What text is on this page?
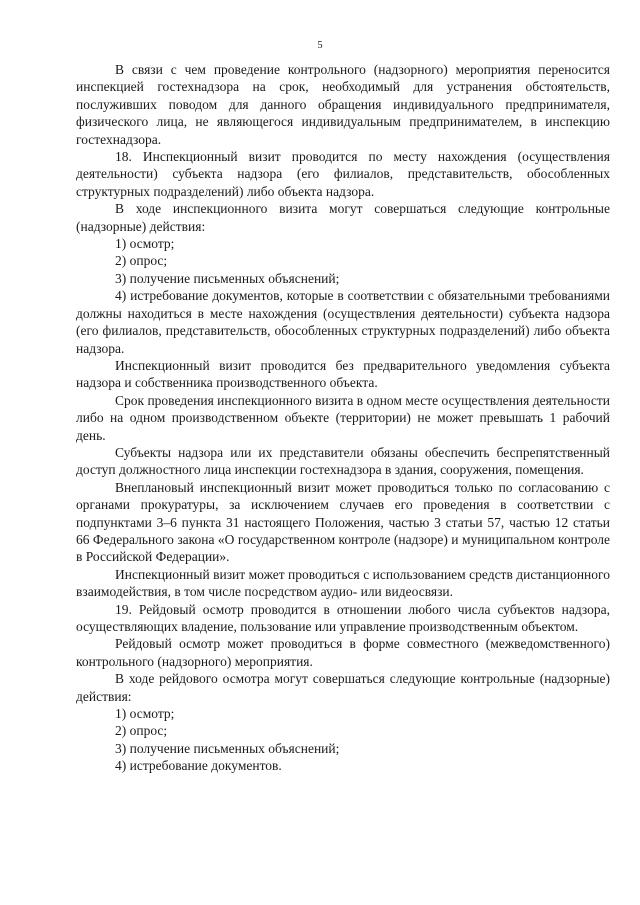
5

В связи с чем проведение контрольного (надзорного) мероприятия переносится инспекцией гостехнадзора на срок, необходимый для устранения обстоятельств, послуживших поводом для данного обращения индивидуального предпринимателя, физического лица, не являющегося индивидуальным предпринимателем, в инспекцию гостехнадзора.

18. Инспекционный визит проводится по месту нахождения (осуществления деятельности) субъекта надзора (его филиалов, представительств, обособленных структурных подразделений) либо объекта надзора.

В ходе инспекционного визита могут совершаться следующие контрольные (надзорные) действия:

1) осмотр;

2) опрос;

3) получение письменных объяснений;

4) истребование документов, которые в соответствии с обязательными требованиями должны находиться в месте нахождения (осуществления деятельности) субъекта надзора (его филиалов, представительств, обособленных структурных подразделений) либо объекта надзора.

Инспекционный визит проводится без предварительного уведомления субъекта надзора и собственника производственного объекта.

Срок проведения инспекционного визита в одном месте осуществления деятельности либо на одном производственном объекте (территории) не может превышать 1 рабочий день.

Субъекты надзора или их представители обязаны обеспечить беспрепятственный доступ должностного лица инспекции гостехнадзора в здания, сооружения, помещения.

Внеплановый инспекционный визит может проводиться только по согласованию с органами прокуратуры, за исключением случаев его проведения в соответствии с подпунктами 3–6 пункта 31 настоящего Положения, частью 3 статьи 57, частью 12 статьи 66 Федерального закона «О государственном контроле (надзоре) и муниципальном контроле в Российской Федерации».

Инспекционный визит может проводиться с использованием средств дистанционного взаимодействия, в том числе посредством аудио- или видеосвязи.

19. Рейдовый осмотр проводится в отношении любого числа субъектов надзора, осуществляющих владение, пользование или управление производственным объектом.

Рейдовый осмотр может проводиться в форме совместного (межведомственного) контрольного (надзорного) мероприятия.

В ходе рейдового осмотра могут совершаться следующие контрольные (надзорные) действия:

1) осмотр;

2) опрос;

3) получение письменных объяснений;

4) истребование документов.
